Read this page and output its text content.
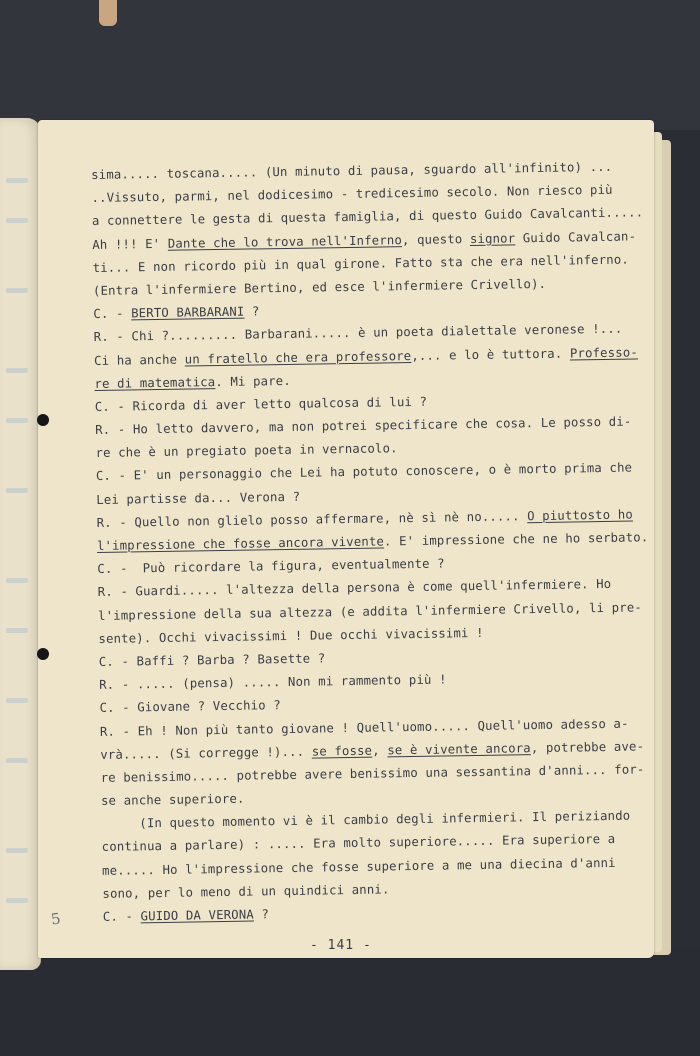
sima..... toscana..... (Un minuto di pausa, sguardo all'infinito) ...
..Vissuto, parmi, nel dodicesimo - tredicesimo secolo. Non riesco più
a connettere le gesta di questa famiglia, di questo Guido Cavalcanti.....
Ah !!! E' Dante che lo trova nell'Inferno, questo signor Guido Cavalcan-
ti... E non ricordo più in qual girone. Fatto sta che era nell'inferno.
(Entra l'infermiere Bertino, ed esce l'infermiere Crivello).
C. - BERTO BARBARANI ?
R. - Chi ?......... Barbarani..... è un poeta dialettale veronese !...
Ci ha anche un fratello che era professore,... e lo è tuttora. Professo-
re di matematica. Mi pare.
C. - Ricorda di aver letto qualcosa di lui ?
R. - Ho letto davvero, ma non potrei specificare che cosa. Le posso di-
re che è un pregiato poeta in vernacolo.
C. - E' un personaggio che Lei ha potuto conoscere, o è morto prima che
Lei partisse da... Verona ?
R. - Quello non glielo posso affermare, nè sì nè no..... O piuttosto ho
l'impressione che fosse ancora vivente. E' impressione che ne ho serbato.
C. -  Può ricordare la figura, eventualmente ?
R. - Guardi..... l'altezza della persona è come quell'infermiere. Ho
l'impressione della sua altezza (e addita l'infermiere Crivello, li pre-
sente). Occhi vivacissimi ! Due occhi vivacissimi !
C. - Baffi ? Barba ? Basette ?
R. - ..... (pensa) ..... Non mi rammento più !
C. - Giovane ? Vecchio ?
R. - Eh ! Non più tanto giovane ! Quell'uomo..... Quell'uomo adesso a-
vrà..... (Si corregge !)... se fosse, se è vivente ancora, potrebbe ave-
re benissimo..... potrebbe avere benissimo una sessantina d'anni... for-
se anche superiore.
(In questo momento vi è il cambio degli infermieri. Il periziando
continua a parlare) : ..... Era molto superiore..... Era superiore a
me..... Ho l'impressione che fosse superiore a me una diecina d'anni
sono, per lo meno di un quindici anni.
C. - GUIDO DA VERONA ?
5
- 141 -
